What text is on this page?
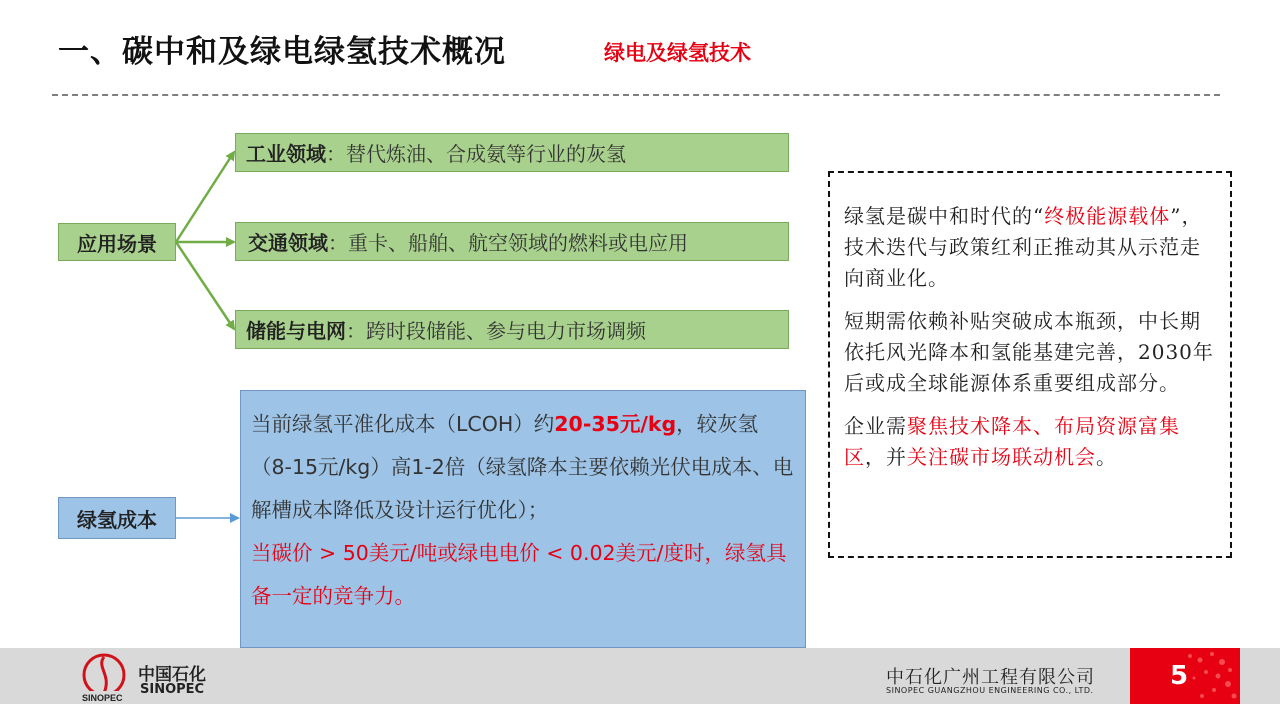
一、碳中和及绿电绿氢技术概况	绿电及绿氢技术
应用场景
工业领域 ：替代炼油、合成氨等行业的灰氢
交通领域 ：重卡、船舶、航空领域的燃料或电应用
储能与电网 ：跨时段储能、参与电力市场调频
绿氢成本
当前绿氢平准化成本（LCOH）约20-35元/kg，较灰氢（8-15元/kg）高1-2倍（绿氢降本主要依赖光伏电成本、电解槽成本降低及设计运行优化）；
当碳价 > 50美元/吨或绿电电价 < 0.02美元/度时，绿氢具备一定的竞争力。

绿氢是碳中和时代的“终极能源载体”，技术迭代与政策红利正推动其从示范走向商业化。

短期需依赖补贴突破成本瓶颈，中长期依托风光降本和氢能基建完善，2030年后或成全球能源体系重要组成部分。

企业需聚焦技术降本、布局资源富集区，并关注碳市场联动机会。

SINOPEC
中国石化
SINOPEC
中石化广州工程有限公司
SINOPEC GUANGZHOU ENGINEERING CO., LTD.	5
